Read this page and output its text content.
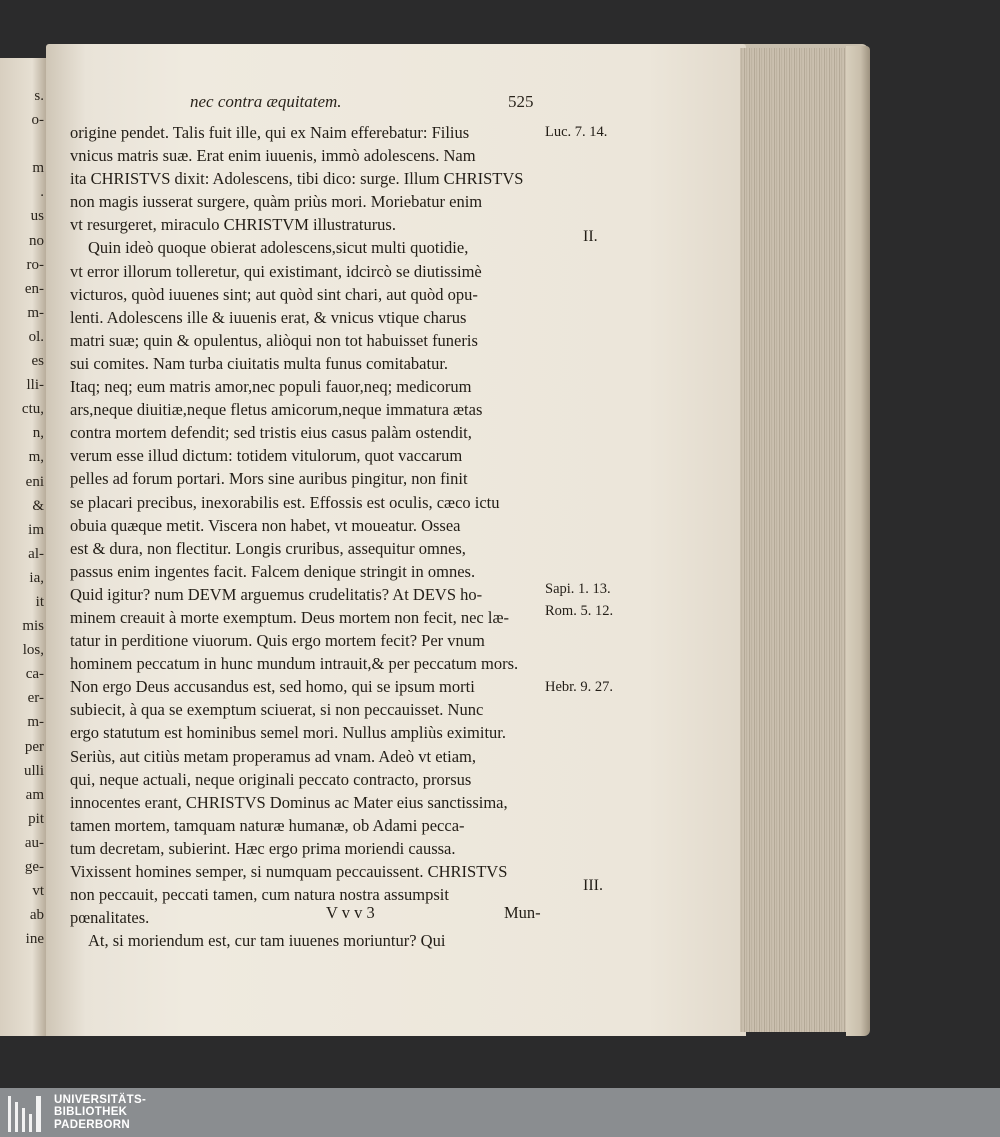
s.
o-

m
.
us
no
ro-
en-
m-
ol.
es
lli-
ctu,
n,
m,
eni
&
im
al-
ia,
it
mis
los,
ca-
er-
m-
per
ulli
am
pit
au-
ge-
vt
ab
ine
nec contra æquitatem.	525
origine pendet. Talis fuit ille, qui ex Naim efferebatur: Filius
vnicus matris suæ. Erat enim iuuenis, immò adolescens. Nam
ita CHRISTVS dixit: Adolescens, tibi dico: surge. Illum CHRISTVS
non magis iusserat surgere, quàm priùs mori. Moriebatur enim
vt resurgeret, miraculo CHRISTVM illustraturus.
Quin ideò quoque obierat adolescens,sicut multi quotidie,
vt error illorum tolleretur, qui existimant, idcircò se diutissimè
victuros, quòd iuuenes sint; aut quòd sint chari, aut quòd opu-
lenti. Adolescens ille & iuuenis erat, & vnicus vtique charus
matri suæ; quin & opulentus, aliòqui non tot habuisset funeris
sui comites. Nam turba ciuitatis multa funus comitabatur.
Itaq; neq; eum matris amor,nec populi fauor,neq; medicorum
ars,neque diuitiæ,neque fletus amicorum,neque immatura ætas
contra mortem defendit; sed tristis eius casus palàm ostendit,
verum esse illud dictum: totidem vitulorum, quot vaccarum
pelles ad forum portari. Mors sine auribus pingitur, non finit
se placari precibus, inexorabilis est. Effossis est oculis, cæco ictu
obuia quæque metit. Viscera non habet, vt moueatur. Ossea
est & dura, non flectitur. Longis cruribus, assequitur omnes,
passus enim ingentes facit. Falcem denique stringit in omnes.
Quid igitur? num DEVM arguemus crudelitatis? At DEVS ho-
minem creauit à morte exemptum. Deus mortem non fecit, nec læ-
tatur in perditione viuorum. Quis ergo mortem fecit? Per vnum
hominem peccatum in hunc mundum intrauit,& per peccatum mors.
Non ergo Deus accusandus est, sed homo, qui se ipsum morti
subiecit, à qua se exemptum sciuerat, si non peccauisset. Nunc
ergo statutum est hominibus semel mori. Nullus ampliùs eximitur.
Seriùs, aut citiùs metam properamus ad vnam. Adeò vt etiam,
qui, neque actuali, neque originali peccato contracto, prorsus
innocentes erant, CHRISTVS Dominus ac Mater eius sanctissima,
tamen mortem, tamquam naturæ humanæ, ob Adami pecca-
tum decretam, subierint. Hæc ergo prima moriendi caussa.
Vixissent homines semper, si numquam peccauissent. CHRISTVS
non peccauit, peccati tamen, cum natura nostra assumpsit
pœnalitates.
At, si moriendum est, cur tam iuuenes moriuntur? Qui
Luc. 7. 14.
II.
Sapi. 1. 13.
Rom. 5. 12.
Hebr. 9. 27.
III.
V v v 3	Mun-
UNIVERSITÄTS-
BIBLIOTHEK
PADERBORN
